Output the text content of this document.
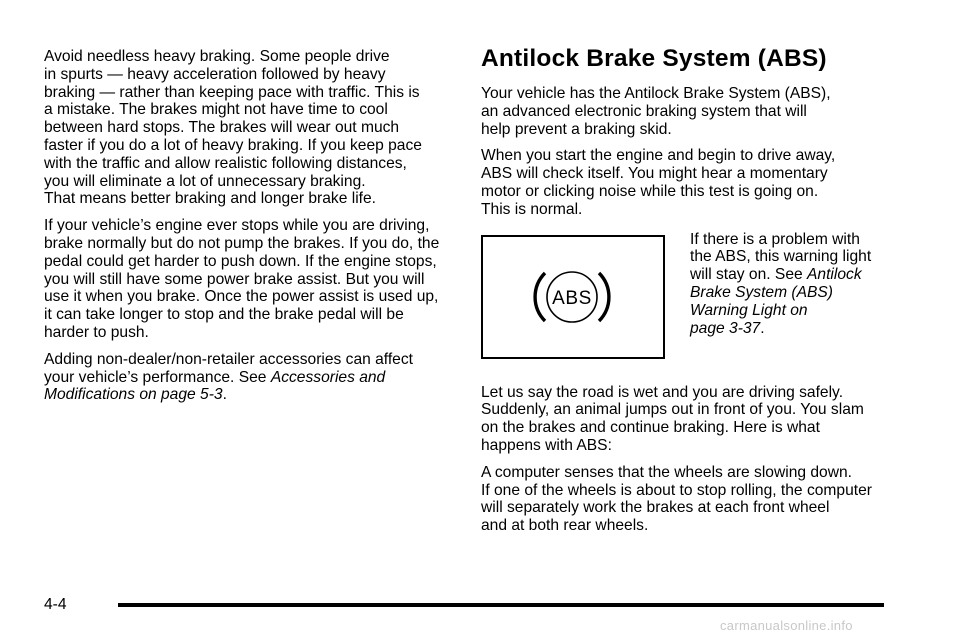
Avoid needless heavy braking. Some people drive
in spurts — heavy acceleration followed by heavy
braking — rather than keeping pace with traffic. This is
a mistake. The brakes might not have time to cool
between hard stops. The brakes will wear out much
faster if you do a lot of heavy braking. If you keep pace
with the traffic and allow realistic following distances,
you will eliminate a lot of unnecessary braking.
That means better braking and longer brake life.

If your vehicle’s engine ever stops while you are driving,
brake normally but do not pump the brakes. If you do, the
pedal could get harder to push down. If the engine stops,
you will still have some power brake assist. But you will
use it when you brake. Once the power assist is used up,
it can take longer to stop and the brake pedal will be
harder to push.

Adding non-dealer/non-retailer accessories can affect
your vehicle’s performance. See Accessories and
Modifications on page 5-3.

Antilock Brake System (ABS)

Your vehicle has the Antilock Brake System (ABS),
an advanced electronic braking system that will
help prevent a braking skid.

When you start the engine and begin to drive away,
ABS will check itself. You might hear a momentary
motor or clicking noise while this test is going on.
This is normal.

ABS
If there is a problem with
the ABS, this warning light
will stay on. See Antilock
Brake System (ABS)
Warning Light on
page 3-37.

Let us say the road is wet and you are driving safely.
Suddenly, an animal jumps out in front of you. You slam
on the brakes and continue braking. Here is what
happens with ABS:

A computer senses that the wheels are slowing down.
If one of the wheels is about to stop rolling, the computer
will separately work the brakes at each front wheel
and at both rear wheels.

4-4
carmanualsonline.info
